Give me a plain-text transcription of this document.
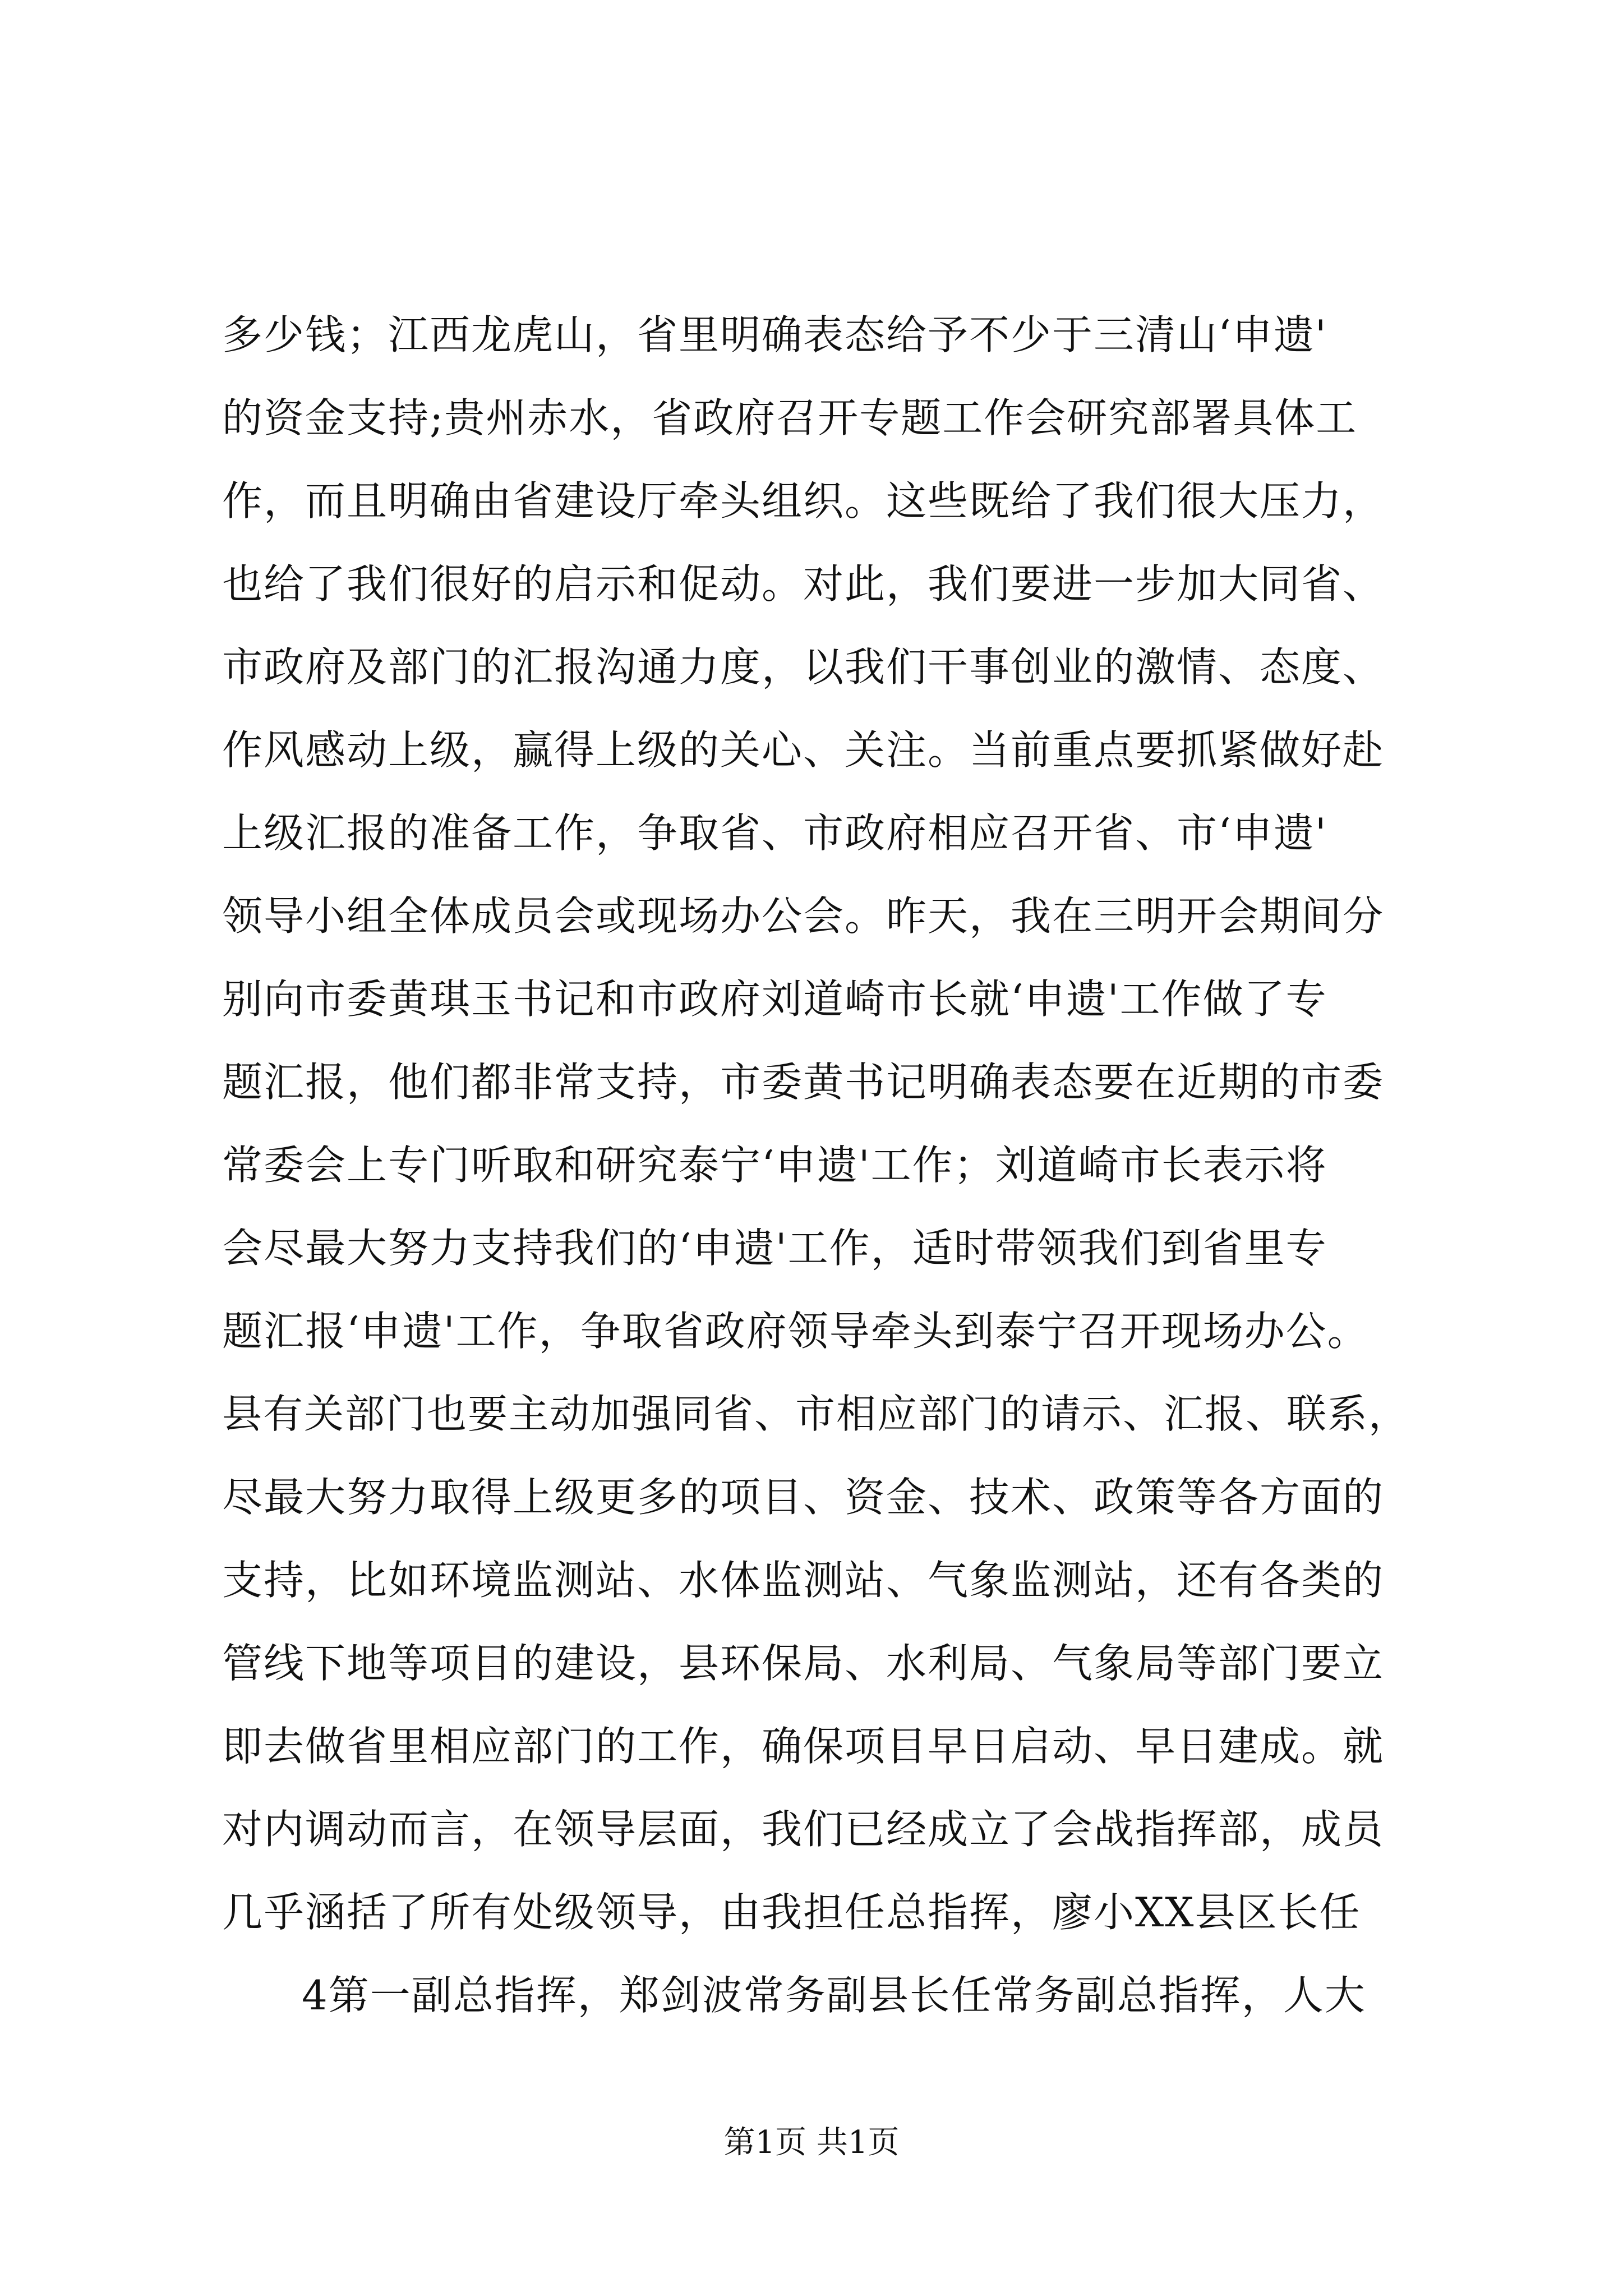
多少钱；江西龙虎山，省里明确表态给予不少于三清山‘申遗'
的资金支持;贵州赤水，省政府召开专题工作会研究部署具体工
作，而且明确由省建设厅牵头组织。这些既给了我们很大压力，
也给了我们很好的启示和促动。对此，我们要进一步加大同省、
市政府及部门的汇报沟通力度，以我们干事创业的激情、态度、
作风感动上级，赢得上级的关心、关注。当前重点要抓紧做好赴
上级汇报的准备工作，争取省、市政府相应召开省、市‘申遗'
领导小组全体成员会或现场办公会。昨天，我在三明开会期间分
别向市委黄琪玉书记和市政府刘道崎市长就‘申遗'工作做了专
题汇报，他们都非常支持，市委黄书记明确表态要在近期的市委
常委会上专门听取和研究泰宁‘申遗'工作；刘道崎市长表示将
会尽最大努力支持我们的‘申遗'工作，适时带领我们到省里专
题汇报‘申遗'工作，争取省政府领导牵头到泰宁召开现场办公。
县有关部门也要主动加强同省、市相应部门的请示、汇报、联系，
尽最大努力取得上级更多的项目、资金、技术、政策等各方面的
支持，比如环境监测站、水体监测站、气象监测站，还有各类的
管线下地等项目的建设，县环保局、水利局、气象局等部门要立
即去做省里相应部门的工作，确保项目早日启动、早日建成。就
对内调动而言，在领导层面，我们已经成立了会战指挥部，成员
几乎涵括了所有处级领导，由我担任总指挥，廖小XX县区长任
4第一副总指挥，郑剑波常务副县长任常务副总指挥，人大
第1页 共1页
